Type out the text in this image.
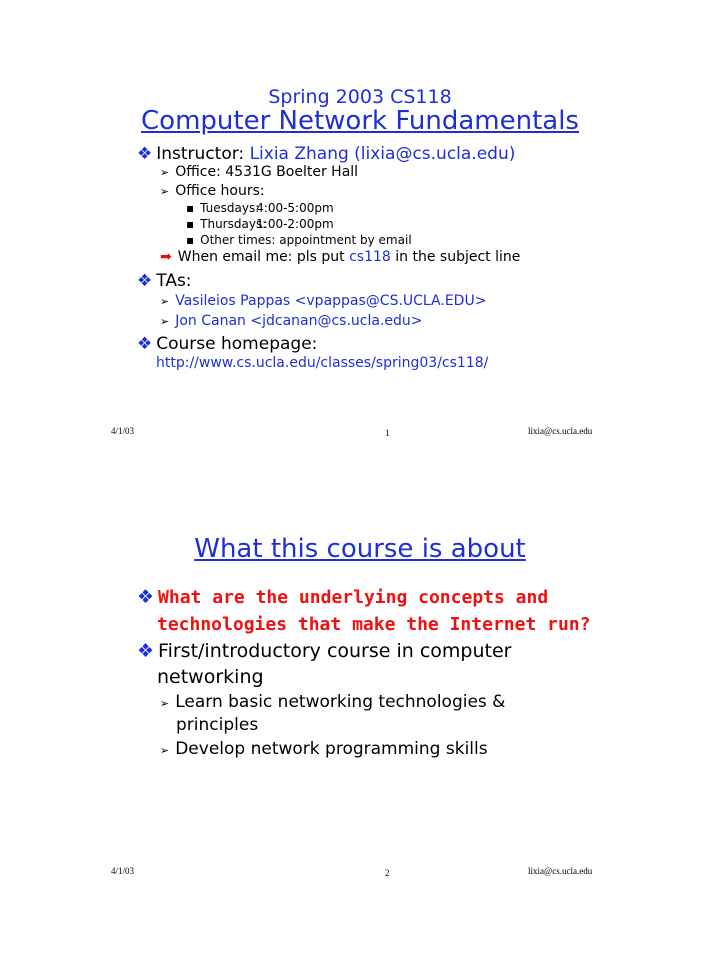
Spring 2003 CS118
Computer Network Fundamentals
❖ Instructor: Lixia Zhang (lixia@cs.ucla.edu)
➢ Office: 4531G Boelter Hall
➢ Office hours:
▪ Tuesdays:4:00-5:00pm
▪ Thursdays:1:00-2:00pm
▪ Other times: appointment by email
➡ When email me: pls put cs118 in the subject line
❖ TAs:
➢ Vasileios Pappas <vpappas@CS.UCLA.EDU>
➢ Jon Canan <jdcanan@cs.ucla.edu>
❖ Course homepage:
http://www.cs.ucla.edu/classes/spring03/cs118/
4/1/03	1	lixia@cs.ucla.edu
What this course is about
❖ What are the underlying concepts and
technologies that make the Internet run?
❖ First/introductory course in computer
networking
➢ Learn basic networking technologies &
principles
➢ Develop network programming skills
4/1/03	2	lixia@cs.ucla.edu
